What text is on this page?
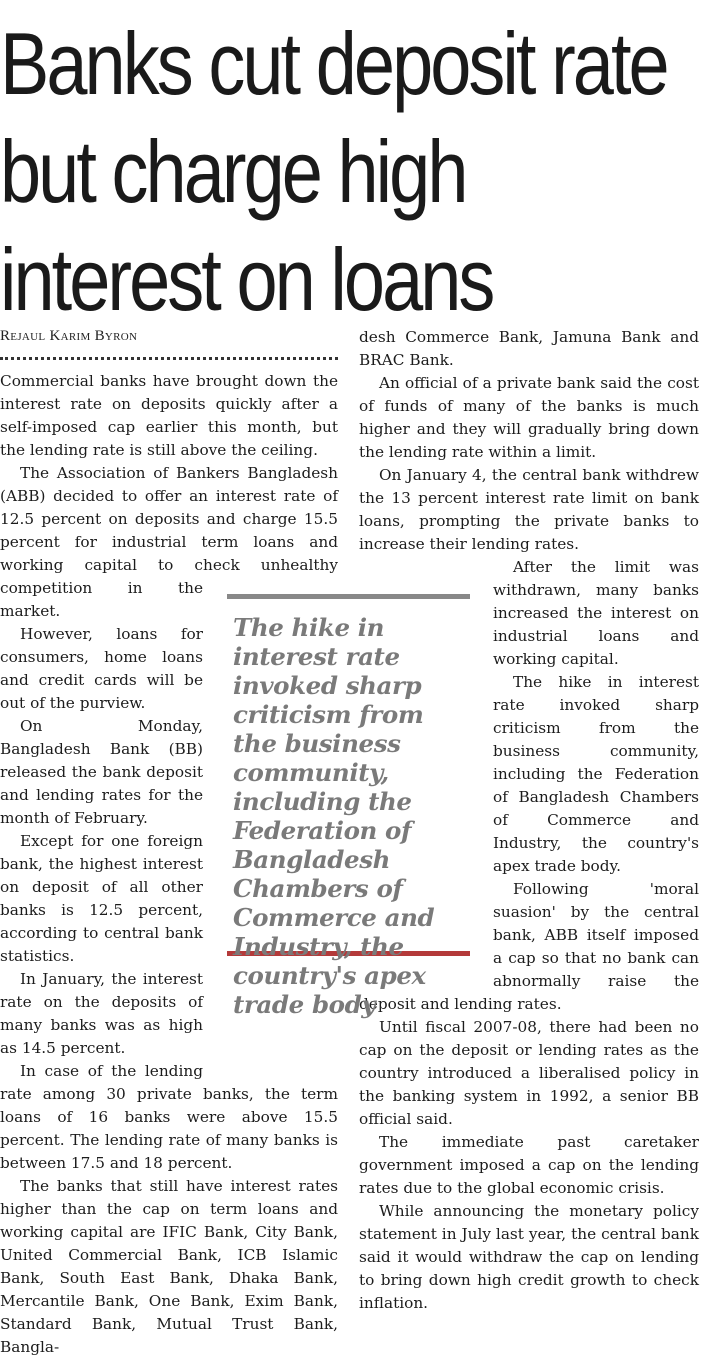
Banks cut deposit rate
but charge high
interest on loans
Rejaul Karim Byron

Commercial banks have brought down the interest rate on deposits quickly after a self-imposed cap earlier this month, but the lending rate is still above the ceiling.

The Association of Bankers Bangladesh (ABB) decided to offer an interest rate of 12.5 percent on deposits and charge 15.5 percent for industrial term loans and working capital to check unhealthy competition in the market.

However, loans for consumers, home loans and credit cards will be out of the purview.

On Monday, Bangladesh Bank (BB) released the bank deposit and lending rates for the month of February.

Except for one foreign bank, the highest interest on deposit of all other banks is 12.5 percent, according to central bank statistics.

In January, the interest rate on the deposits of many banks was as high as 14.5 percent.

In case of the lending rate among 30 private banks, the term loans of 16 banks were above 15.5 percent. The lending rate of many banks is between 17.5 and 18 percent.

The banks that still have interest rates higher than the cap on term loans and working capital are IFIC Bank, City Bank, United Commercial Bank, ICB Islamic Bank, South East Bank, Dhaka Bank, Mercantile Bank, One Bank, Exim Bank, Standard Bank, Mutual Trust Bank, Bangla-

desh Commerce Bank, Jamuna Bank and BRAC Bank.

An official of a private bank said the cost of funds of many of the banks is much higher and they will gradually bring down the lending rate within a limit.

On January 4, the central bank withdrew the 13 percent interest rate limit on bank loans, prompting the private banks to increase their lending rates.

After the limit was withdrawn, many banks increased the interest on industrial loans and working capital.

The hike in interest rate invoked sharp criticism from the business community, including the Federation of Bangladesh Chambers of Commerce and Industry, the country's apex trade body.

Following 'moral suasion' by the central bank, ABB itself imposed a cap so that no bank can abnormally raise the deposit and lending rates.

Until fiscal 2007-08, there had been no cap on the deposit or lending rates as the country introduced a liberalised policy in the banking system in 1992, a senior BB official said.

The immediate past caretaker government imposed a cap on the lending rates due to the global economic crisis.

While announcing the monetary policy statement in July last year, the central bank said it would withdraw the cap on lending to bring down high credit growth to check inflation.

The hike in interest rate invoked sharp criticism from the business community, including the Federation of Bangladesh Chambers of Commerce and Industry, the country's apex trade body
